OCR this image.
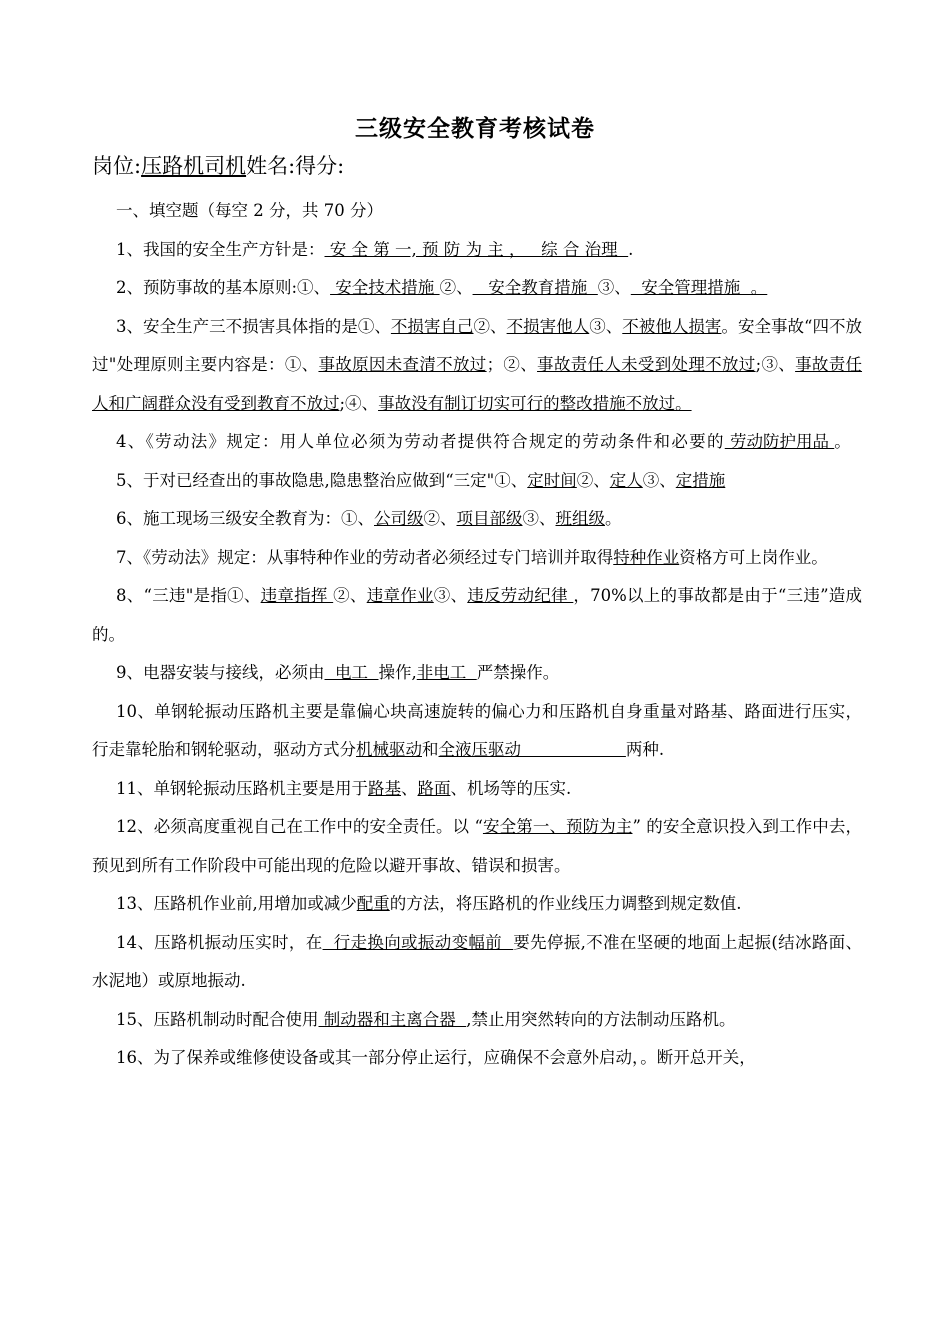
三级安全教育考核试卷
岗位:压路机司机姓名:得分:

一、填空题（每空 2 分，共 70 分）

1、我国的安全生产方针是： 安 全 第 一, 预 防 为 主 ，   综 合 治理  .

2、预防事故的基本原则:①、 安全技术措施 ②、   安全教育措施  ③、  安全管理措施  。

3、安全生产三不损害具体指的是①、不损害自己②、不损害他人③、不被他人损害。安全事故“四不放过"处理原则主要内容是：①、事故原因未查清不放过；②、事故责任人未受到处理不放过;③、事故责任人和广阔群众没有受到教育不放过;④、事故没有制订切实可行的整改措施不放过。

4、《劳动法》规定：用人单位必须为劳动者提供符合规定的劳动条件和必要的 劳动防护用品 。

5、于对已经查出的事故隐患,隐患整治应做到“三定"①、定时间②、定人③、定措施

6、施工现场三级安全教育为：①、公司级②、项目部级③、班组级。

7、《劳动法》规定：从事特种作业的劳动者必须经过专门培训并取得特种作业资格方可上岗作业。

8、“三违"是指①、违章指挥 ②、违章作业③、违反劳动纪律 ，70%以上的事故都是由于“三违”造成的。

9、电器安装与接线，必须由  电工  操作,非电工  严禁操作。

10、单钢轮振动压路机主要是靠偏心块高速旋转的偏心力和压路机自身重量对路基、路面进行压实，行走靠轮胎和钢轮驱动，驱动方式分机械驱动和全液压驱动                    两种.

11、单钢轮振动压路机主要是用于路基、路面、机场等的压实.

12、必须高度重视自己在工作中的安全责任。以 “安全第一、预防为主” 的安全意识投入到工作中去，预见到所有工作阶段中可能出现的危险以避开事故、错误和损害。

13、压路机作业前,用增加或减少配重的方法，将压路机的作业线压力调整到规定数值.

14、压路机振动压实时，在  行走换向或振动变幅前  要先停振,不准在坚硬的地面上起振(结冰路面、水泥地）或原地振动.

15、压路机制动时配合使用 制动器和主离合器  ,禁止用突然转向的方法制动压路机。

16、为了保养或维修使设备或其一部分停止运行，应确保不会意外启动，。断开总开关，
